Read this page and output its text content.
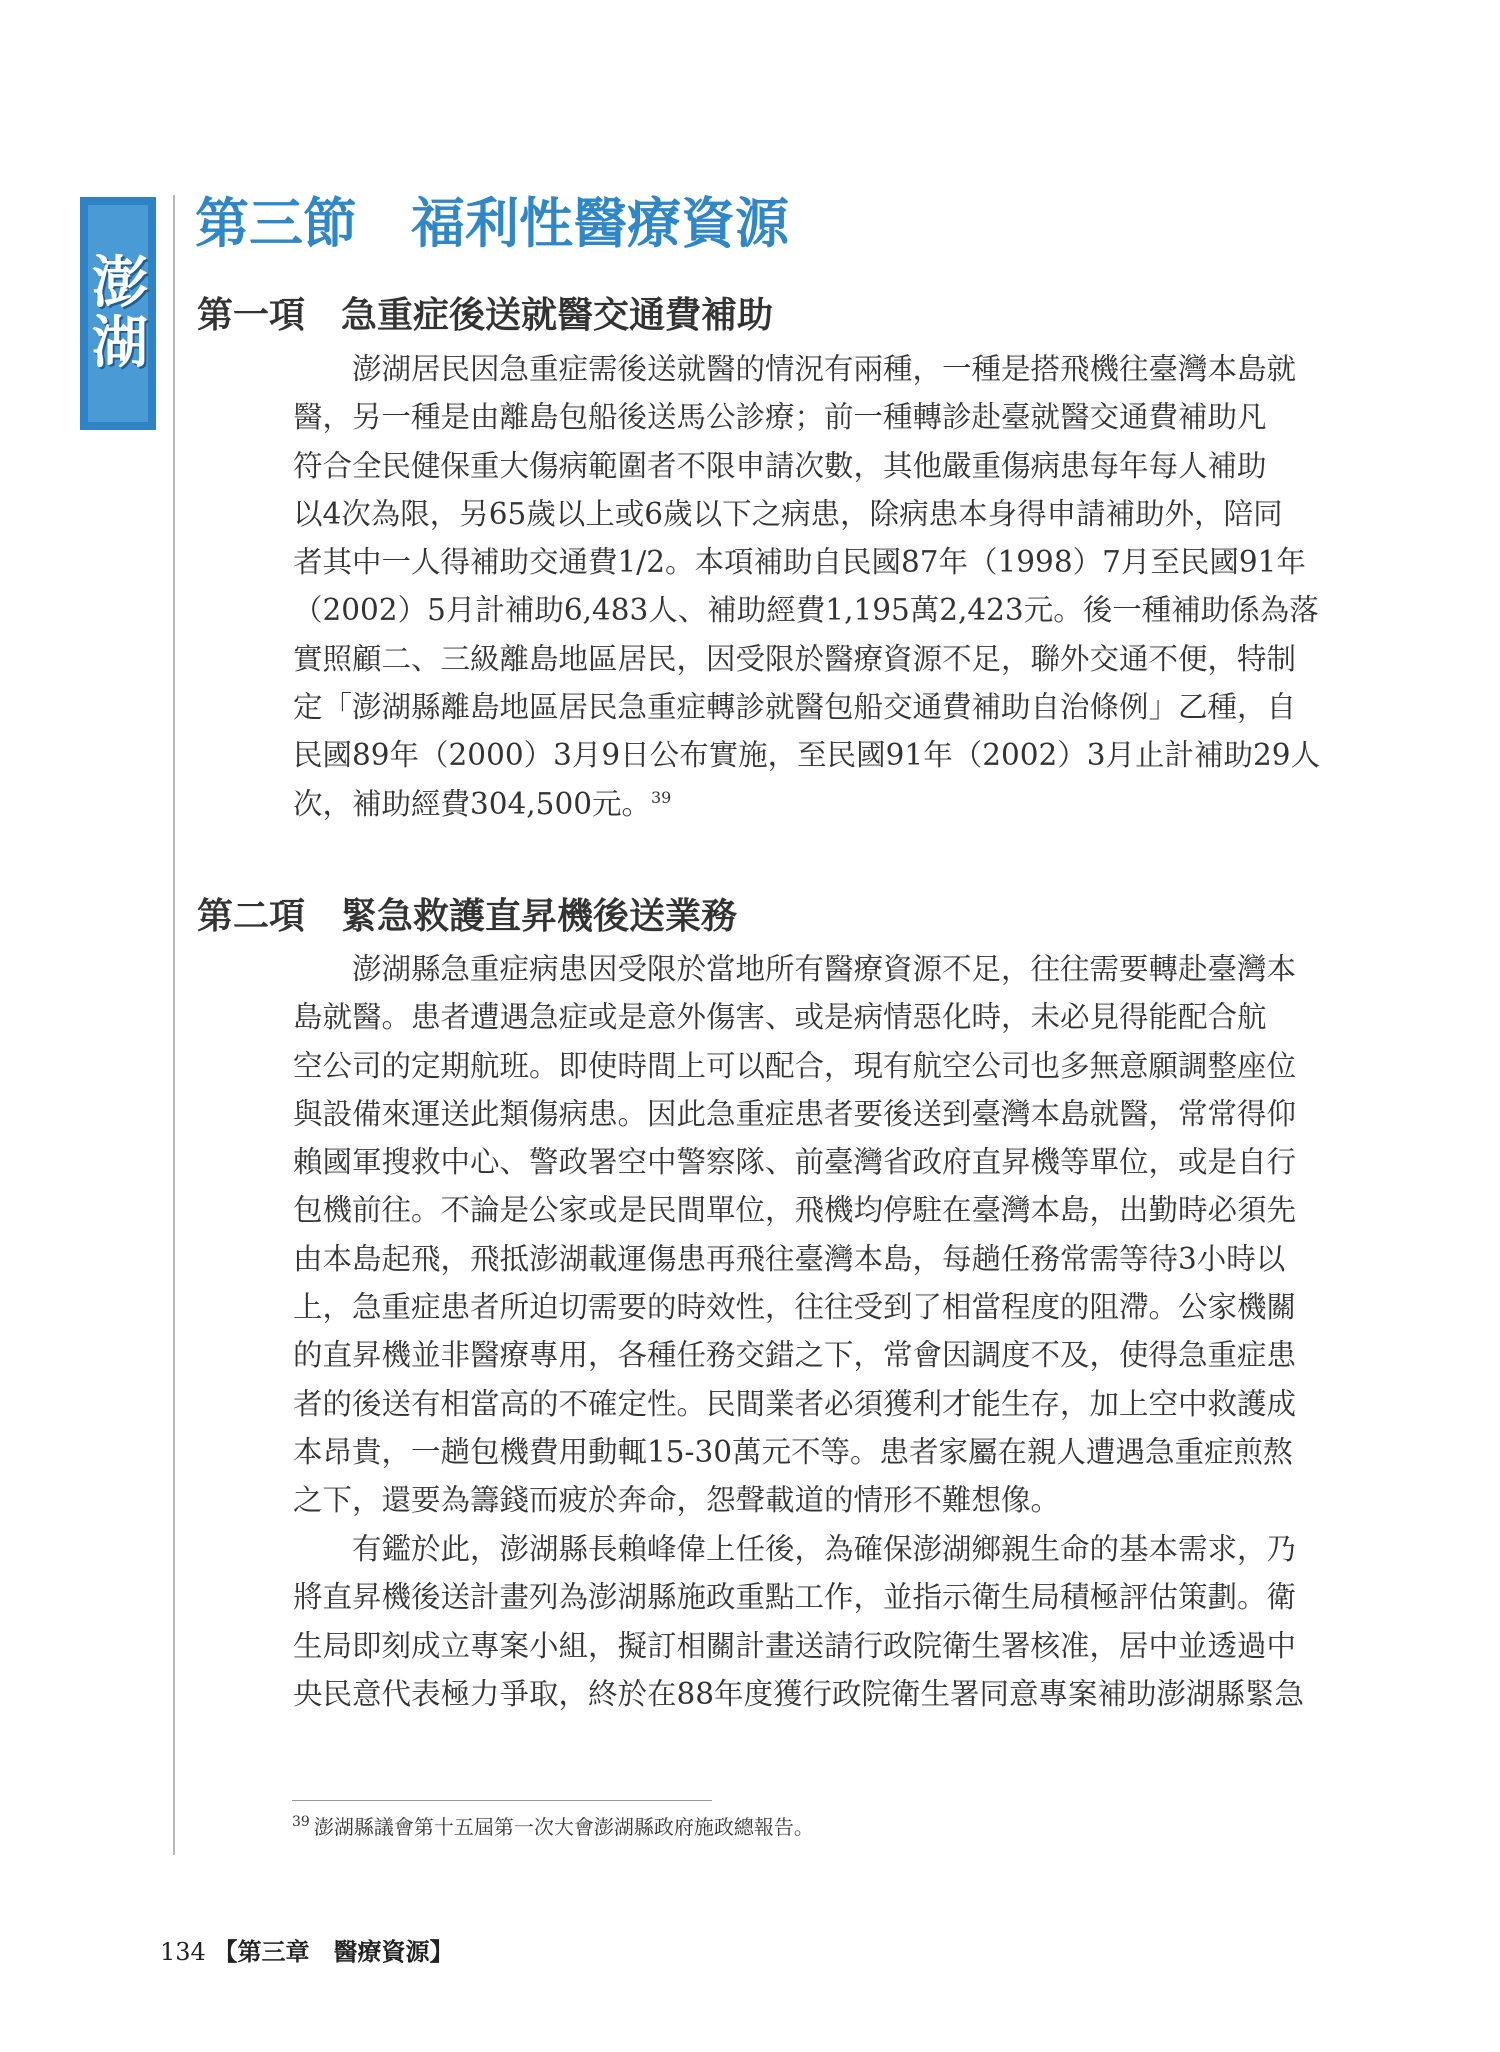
澎湖
第三節　福利性醫療資源
第一項　急重症後送就醫交通費補助
　　澎湖居民因急重症需後送就醫的情況有兩種，一種是搭飛機往臺灣本島就
醫，另一種是由離島包船後送馬公診療；前一種轉診赴臺就醫交通費補助凡
符合全民健保重大傷病範圍者不限申請次數，其他嚴重傷病患每年每人補助
以4次為限，另65歲以上或6歲以下之病患，除病患本身得申請補助外，陪同
者其中一人得補助交通費1/2。本項補助自民國87年（1998）7月至民國91年
（2002）5月計補助6,483人、補助經費1,195萬2,423元。後一種補助係為落
實照顧二、三級離島地區居民，因受限於醫療資源不足，聯外交通不便，特制
定「澎湖縣離島地區居民急重症轉診就醫包船交通費補助自治條例」乙種，自
民國89年（2000）3月9日公布實施，至民國91年（2002）3月止計補助29人
次，補助經費304,500元。$^{39}$
第二項　緊急救護直昇機後送業務
　　澎湖縣急重症病患因受限於當地所有醫療資源不足，往往需要轉赴臺灣本
島就醫。患者遭遇急症或是意外傷害、或是病情惡化時，未必見得能配合航
空公司的定期航班。即使時間上可以配合，現有航空公司也多無意願調整座位
與設備來運送此類傷病患。因此急重症患者要後送到臺灣本島就醫，常常得仰
賴國軍搜救中心、警政署空中警察隊、前臺灣省政府直昇機等單位，或是自行
包機前往。不論是公家或是民間單位，飛機均停駐在臺灣本島，出勤時必須先
由本島起飛，飛抵澎湖載運傷患再飛往臺灣本島，每趟任務常需等待3小時以
上，急重症患者所迫切需要的時效性，往往受到了相當程度的阻滯。公家機關
的直昇機並非醫療專用，各種任務交錯之下，常會因調度不及，使得急重症患
者的後送有相當高的不確定性。民間業者必須獲利才能生存，加上空中救護成
本昂貴，一趟包機費用動輒15-30萬元不等。患者家屬在親人遭遇急重症煎熬
之下，還要為籌錢而疲於奔命，怨聲載道的情形不難想像。
　　有鑑於此，澎湖縣長賴峰偉上任後，為確保澎湖鄉親生命的基本需求，乃
將直昇機後送計畫列為澎湖縣施政重點工作，並指示衛生局積極評估策劃。衛
生局即刻成立專案小組，擬訂相關計畫送請行政院衛生署核准，居中並透過中
央民意代表極力爭取，終於在88年度獲行政院衛生署同意專案補助澎湖縣緊急

$^{39}$ 澎湖縣議會第十五屆第一次大會澎湖縣政府施政總報告。

134 【第三章　醫療資源】
